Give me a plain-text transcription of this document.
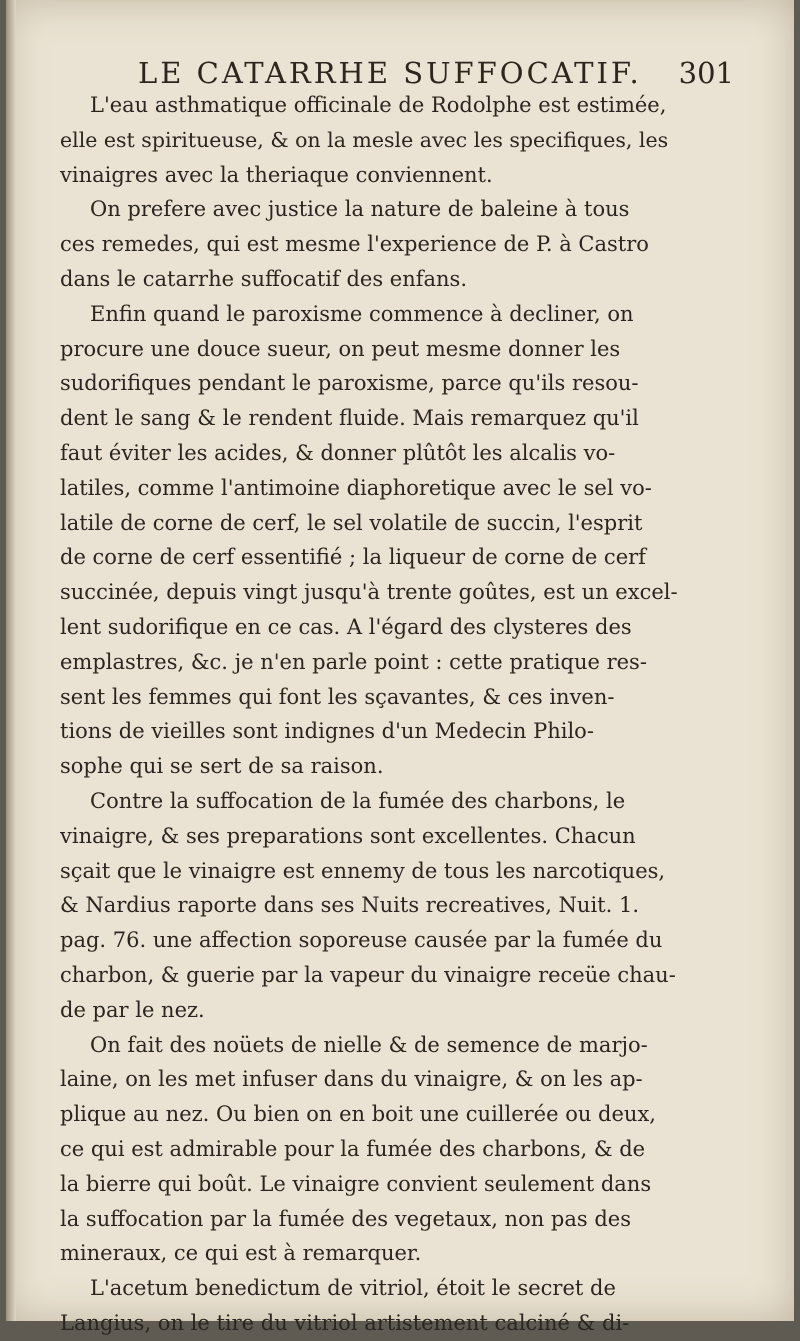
LE CATARRHE SUFFOCATIF. 301
L'eau asthmatique officinale de Rodolphe est estimée,
elle est spiritueuse, & on la mesle avec les specifiques, les
vinaigres avec la theriaque conviennent.
On prefere avec justice la nature de baleine à tous
ces remedes, qui est mesme l'experience de P. à Castro
dans le catarrhe suffocatif des enfans.
Enfin quand le paroxisme commence à decliner, on
procure une douce sueur, on peut mesme donner les
sudorifiques pendant le paroxisme, parce qu'ils resou-
dent le sang & le rendent fluide. Mais remarquez qu'il
faut éviter les acides, & donner plûtôt les alcalis vo-
latiles, comme l'antimoine diaphoretique avec le sel vo-
latile de corne de cerf, le sel volatile de succin, l'esprit
de corne de cerf essentifié ; la liqueur de corne de cerf
succinée, depuis vingt jusqu'à trente goûtes, est un excel-
lent sudorifique en ce cas. A l'égard des clysteres des
emplastres, &c. je n'en parle point : cette pratique res-
sent les femmes qui font les sçavantes, & ces inven-
tions de vieilles sont indignes d'un Medecin Philo-
sophe qui se sert de sa raison.
Contre la suffocation de la fumée des charbons, le
vinaigre, & ses preparations sont excellentes. Chacun
sçait que le vinaigre est ennemy de tous les narcotiques,
& Nardius raporte dans ses Nuits recreatives, Nuit. 1.
pag. 76. une affection soporeuse causée par la fumée du
charbon, & guerie par la vapeur du vinaigre receüe chau-
de par le nez.
On fait des noüets de nielle & de semence de marjo-
laine, on les met infuser dans du vinaigre, & on les ap-
plique au nez. Ou bien on en boit une cuillerée ou deux,
ce qui est admirable pour la fumée des charbons, & de
la bierre qui boût. Le vinaigre convient seulement dans
la suffocation par la fumée des vegetaux, non pas des
mineraux, ce qui est à remarquer.
L'acetum benedictum de vitriol, étoit le secret de
Langius, on le tire du vitriol artistement calciné & di-
